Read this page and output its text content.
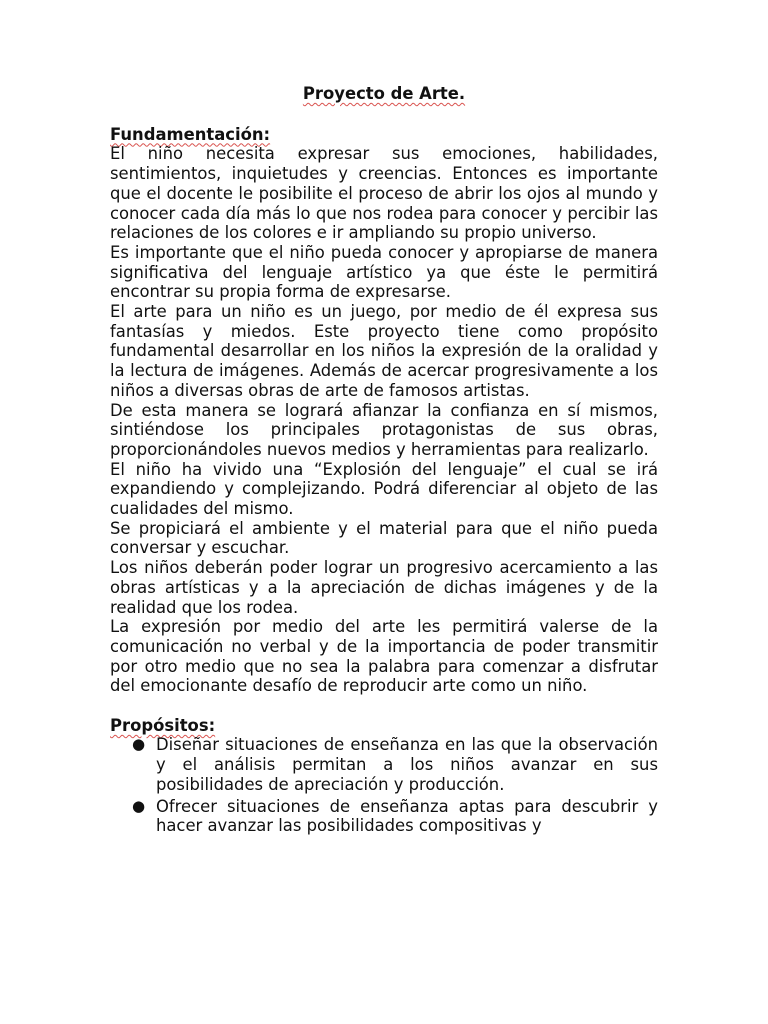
Proyecto de Arte.

Fundamentación:

El niño necesita expresar sus emociones, habilidades, sentimientos, inquietudes y creencias. Entonces es importante que el docente le posibilite el proceso de abrir los ojos al mundo y conocer cada día más lo que nos rodea para conocer y percibir las relaciones de los colores e ir ampliando su propio universo.

Es importante que el niño pueda conocer y apropiarse de manera significativa del lenguaje artístico ya que éste le permitirá encontrar su propia forma de expresarse.

El arte para un niño es un juego, por medio de él expresa sus fantasías y miedos. Este proyecto tiene como propósito fundamental desarrollar en los niños la expresión de la oralidad y la lectura de imágenes. Además de acercar progresivamente a los niños a diversas obras de arte de famosos artistas.

De esta manera se logrará afianzar la confianza en sí mismos, sintiéndose los principales protagonistas de sus obras, proporcionándoles nuevos medios y herramientas para realizarlo.

El niño ha vivido una “Explosión del lenguaje” el cual se irá expandiendo y complejizando. Podrá diferenciar al objeto de las cualidades del mismo.

Se propiciará el ambiente y el material para que el niño pueda conversar y escuchar.

Los niños deberán poder lograr un progresivo acercamiento a las obras artísticas y a la apreciación de dichas imágenes y de la realidad que los rodea.

La expresión por medio del arte les permitirá valerse de la comunicación no verbal y de la importancia de poder transmitir por otro medio que no sea la palabra para comenzar a disfrutar del emocionante desafío de reproducir arte como un niño.

Propósitos:
● Diseñar situaciones de enseñanza en las que la observación y el análisis permitan a los niños avanzar en sus posibilidades de apreciación y producción.
● Ofrecer situaciones de enseñanza aptas para descubrir y hacer avanzar las posibilidades compositivas y
